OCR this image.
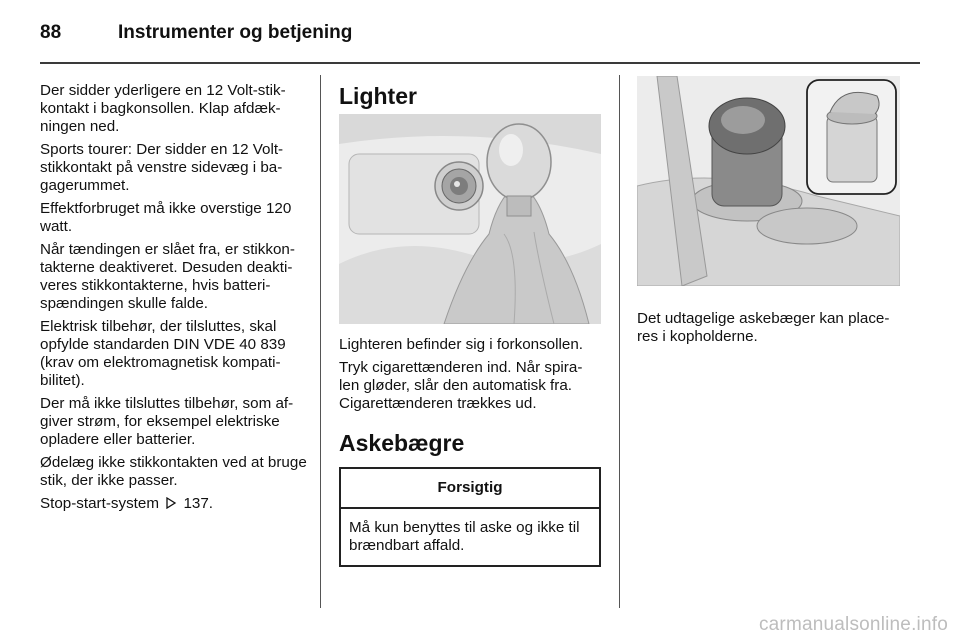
88	Instrumenter og betjening

Der sidder yderligere en 12 Volt-stik-kontakt i bagkonsollen. Klap afdæk-ningen ned.

Sports tourer: Der sidder en 12 Volt-stikkontakt på venstre sidevæg i ba-gagerummet.

Effektforbruget må ikke overstige 120 watt.

Når tændingen er slået fra, er stikkon-takterne deaktiveret. Desuden deakti-veres stikkontakterne, hvis batteri-spændingen skulle falde.

Elektrisk tilbehør, der tilsluttes, skal opfylde standarden DIN VDE 40 839 (krav om elektromagnetisk kompati-bilitet).

Der må ikke tilsluttes tilbehør, som af-giver strøm, for eksempel elektriske opladere eller batterier.

Ødelæg ikke stikkontakten ved at bruge stik, der ikke passer.

Stop-start-system 137.

Lighter

Lighteren befinder sig i forkonsollen.

Tryk cigarettænderen ind. Når spira-len gløder, slår den automatisk fra. Cigarettænderen trækkes ud.

Askebægre
Forsigtig
Må kun benyttes til aske og ikke til brændbart affald.

Det udtagelige askebæger kan place-res i kopholderne.

carmanualsonline.info
